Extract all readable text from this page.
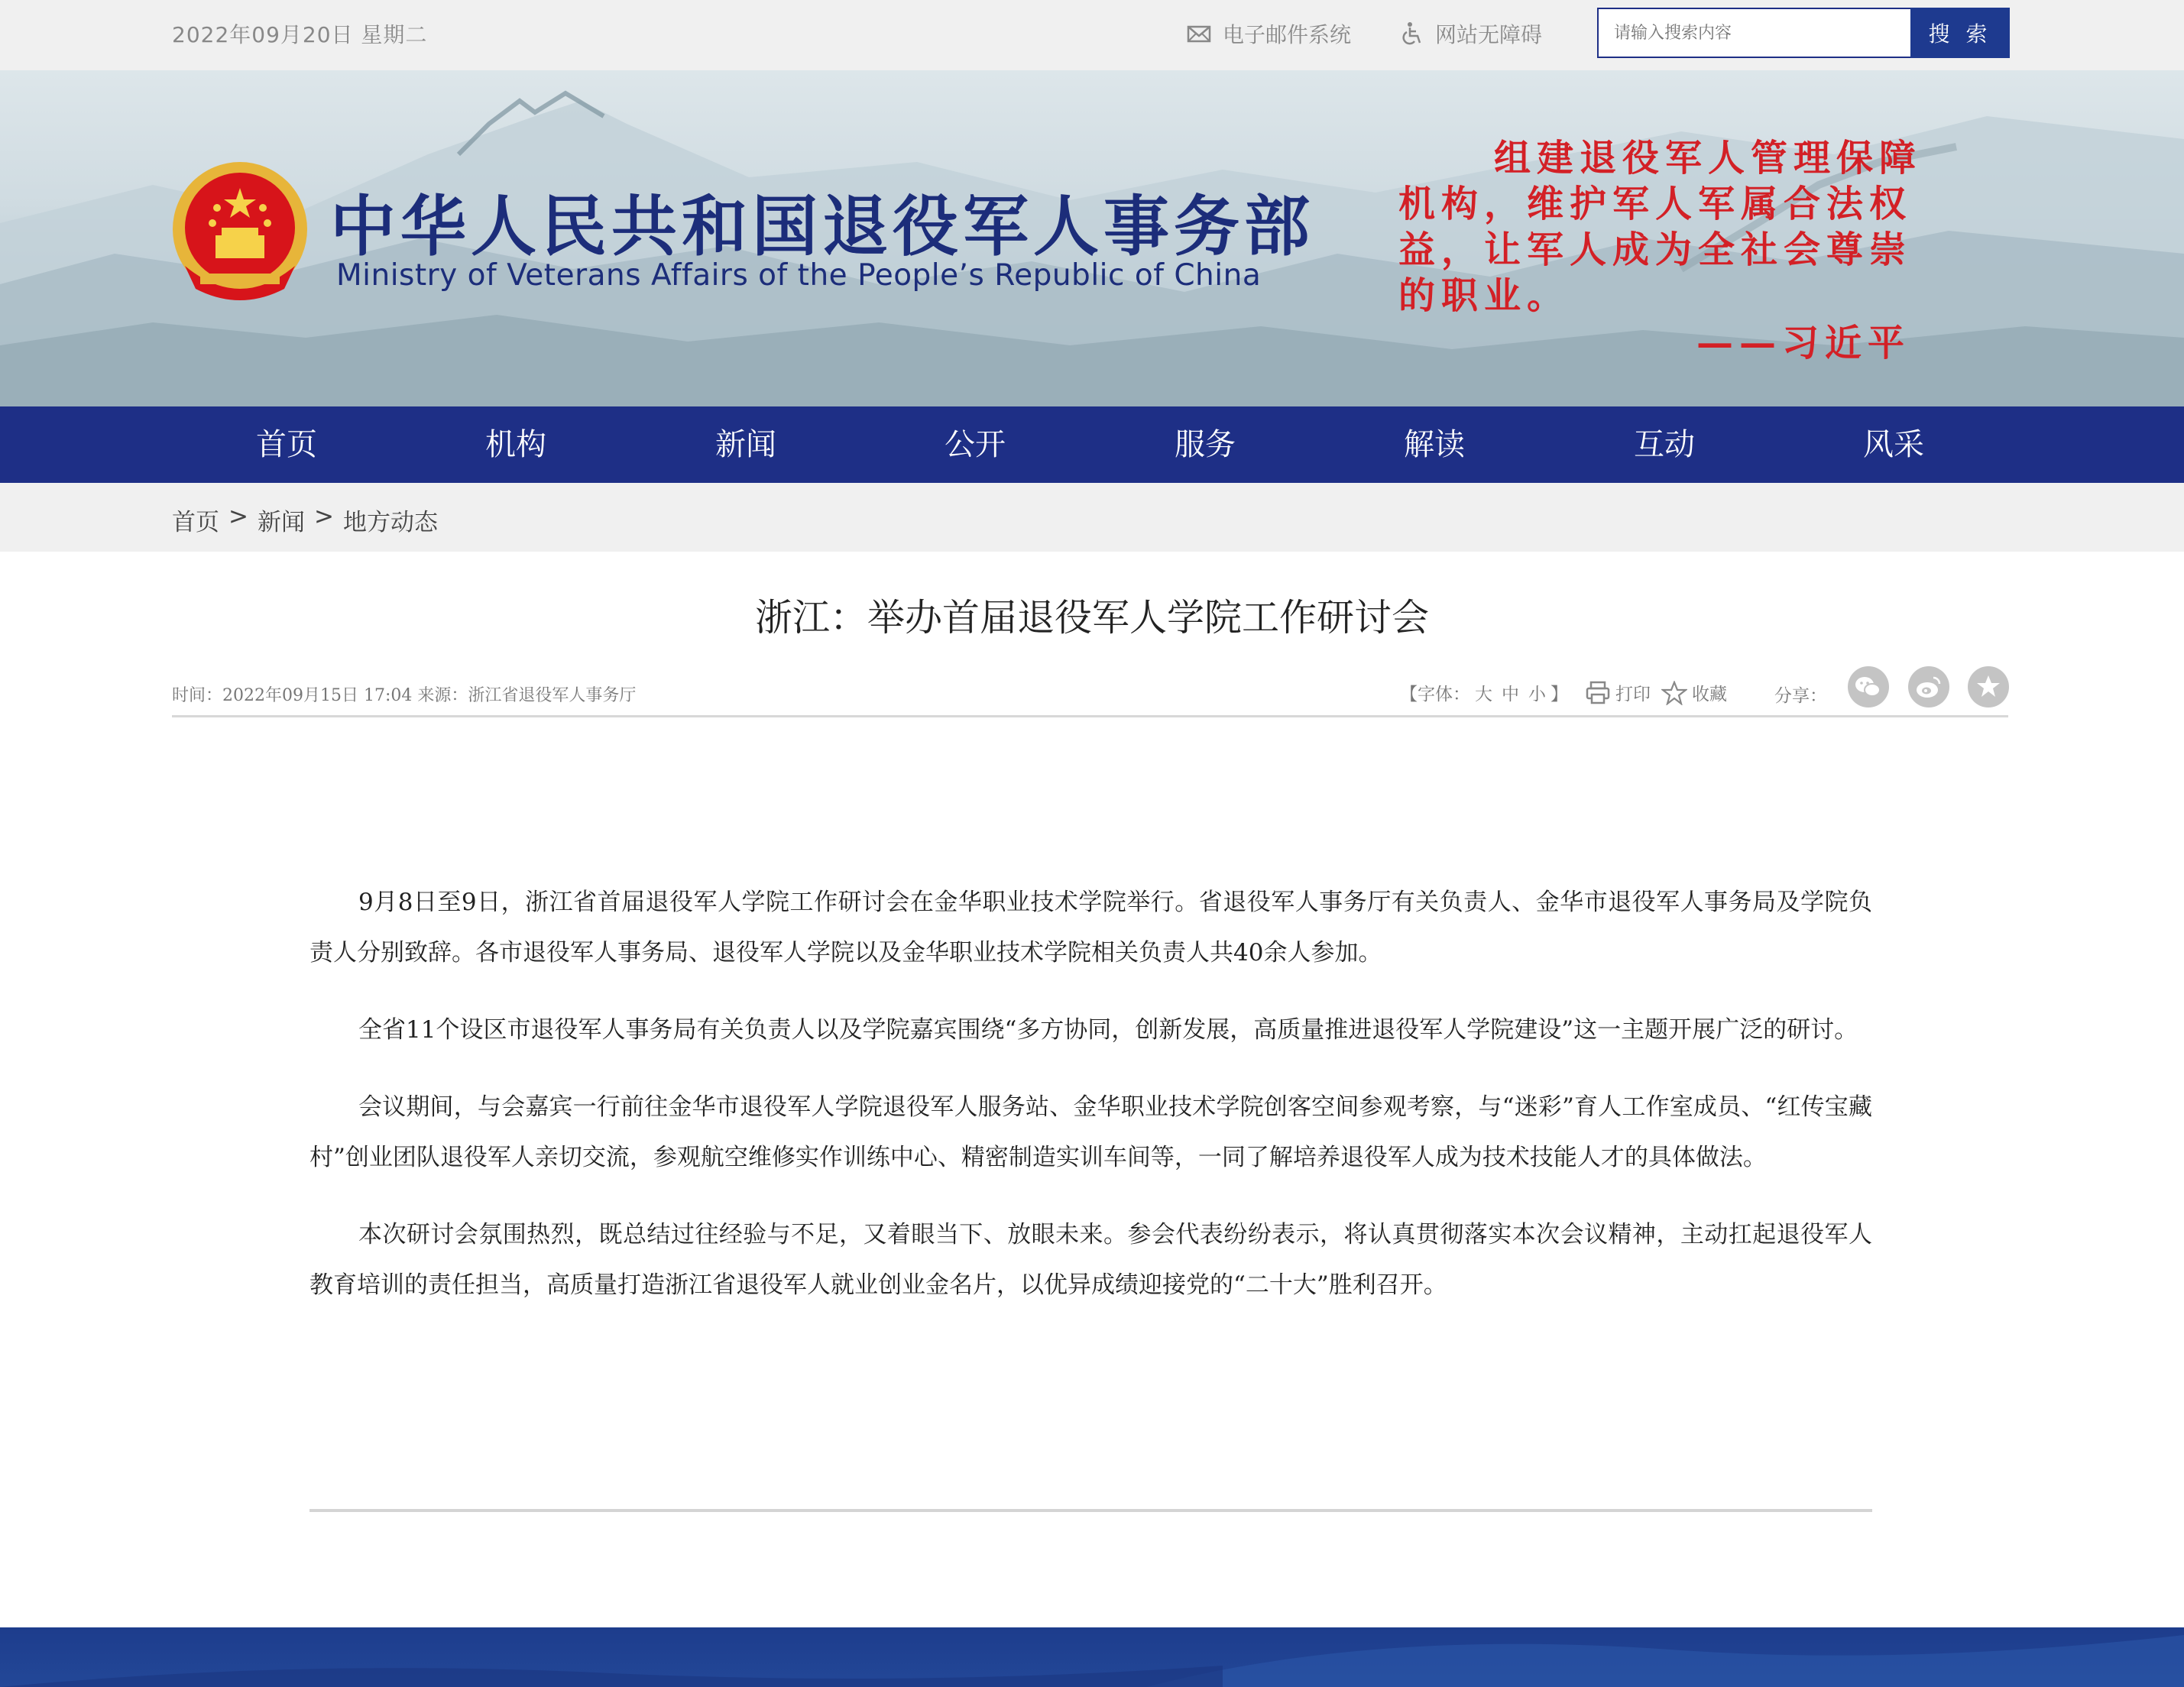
2022年09月20日 星期二	电子邮件系统	网站无障碍
请输入搜索内容	搜 索
中华人民共和国退役军人事务部
Ministry of Veterans Affairs of the People’s Republic of China
组建退役军人管理保障
机构，维护军人军属合法权
益，让军人成为全社会尊崇
的职业。
——习近平
首页	机构	新闻	公开	服务	解读	互动	风采
首页 > 新闻 > 地方动态
浙江：举办首届退役军人学院工作研讨会
时间：2022年09月15日 17:04 来源：浙江省退役军人事务厅	【字体： 大 中 小 】	打印 收藏	分享：

9月8日至9日，浙江省首届退役军人学院工作研讨会在金华职业技术学院举行。省退役军人事务厅有关负责人、金华市退役军人事务局及学院负责人分别致辞。各市退役军人事务局、退役军人学院以及金华职业技术学院相关负责人共40余人参加。

全省11个设区市退役军人事务局有关负责人以及学院嘉宾围绕“多方协同，创新发展，高质量推进退役军人学院建设”这一主题开展广泛的研讨。

会议期间，与会嘉宾一行前往金华市退役军人学院退役军人服务站、金华职业技术学院创客空间参观考察，与“迷彩”育人工作室成员、“红传宝藏村”创业团队退役军人亲切交流，参观航空维修实作训练中心、精密制造实训车间等，一同了解培养退役军人成为技术技能人才的具体做法。

本次研讨会氛围热烈，既总结过往经验与不足，又着眼当下、放眼未来。参会代表纷纷表示，将认真贯彻落实本次会议精神，主动扛起退役军人教育培训的责任担当，高质量打造浙江省退役军人就业创业金名片，以优异成绩迎接党的“二十大”胜利召开。
